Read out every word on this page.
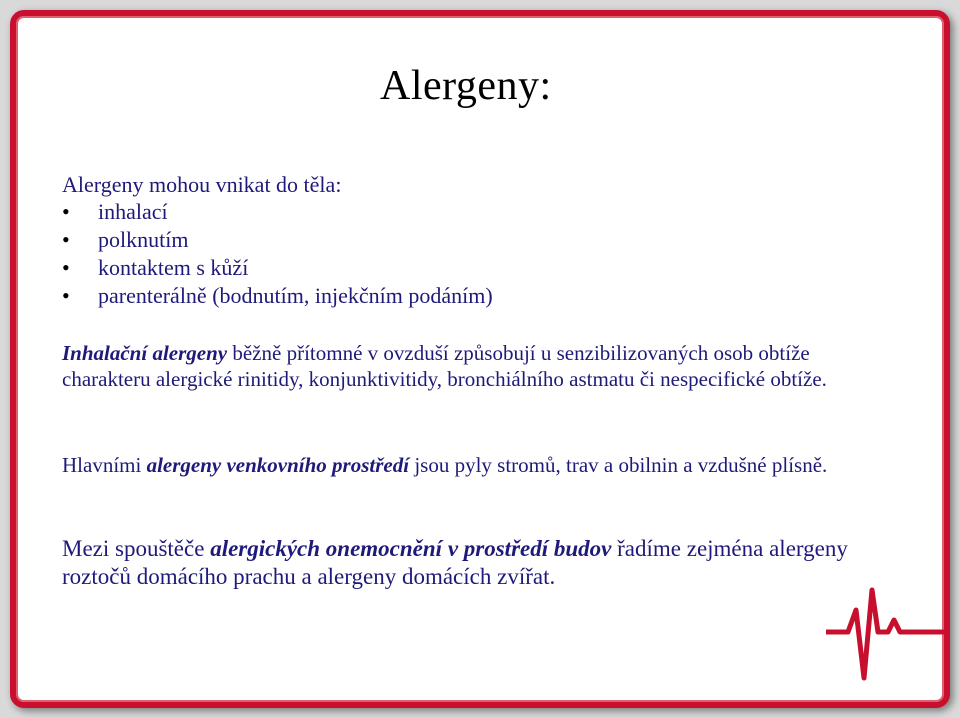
Alergeny:

Alergeny mohou vnikat do těla:

• inhalací
• polknutím
• kontaktem s kůží
• parenterálně (bodnutím, injekčním podáním)

Inhalační alergeny běžně přítomné v ovzduší způsobují u senzibilizovaných osob obtíže charakteru alergické rinitidy, konjunktivitidy, bronchiálního astmatu či nespecifické obtíže.

Hlavními alergeny venkovního prostředí jsou pyly stromů, trav a obilnin a vzdušné plísně.

Mezi spouštěče alergických onemocnění v prostředí budov řadíme zejména alergeny roztočů domácího prachu a alergeny domácích zvířat.
